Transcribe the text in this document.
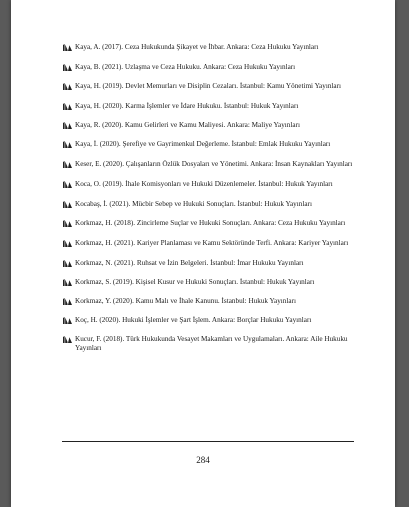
Kaya, A. (2017). Ceza Hukukunda Şikayet ve İhbar. Ankara: Ceza Hukuku Yayınları
Kaya, B. (2021). Uzlaşma ve Ceza Hukuku. Ankara: Ceza Hukuku Yayınları
Kaya, H. (2019). Devlet Memurları ve Disiplin Cezaları. İstanbul: Kamu Yönetimi Yayınları
Kaya, H. (2020). Karma İşlemler ve İdare Hukuku. İstanbul: Hukuk Yayınları
Kaya, R. (2020). Kamu Gelirleri ve Kamu Maliyesi. Ankara: Maliye Yayınları
Kaya, İ. (2020). Şerefiye ve Gayrimenkul Değerleme. İstanbul: Emlak Hukuku Yayınları
Keser, E. (2020). Çalışanların Özlük Dosyaları ve Yönetimi. Ankara: İnsan Kaynakları Yayınları
Koca, O. (2019). İhale Komisyonları ve Hukuki Düzenlemeler. İstanbul: Hukuk Yayınları
Kocabaş, İ. (2021). Mücbir Sebep ve Hukuki Sonuçları. İstanbul: Hukuk Yayınları
Korkmaz, H. (2018). Zincirleme Suçlar ve Hukuki Sonuçları. Ankara: Ceza Hukuku Yayınları
Korkmaz, H. (2021). Kariyer Planlaması ve Kamu Sektöründe Terfi. Ankara: Kariyer Yayınları
Korkmaz, N. (2021). Ruhsat ve İzin Belgeleri. İstanbul: İmar Hukuku Yayınları
Korkmaz, S. (2019). Kişisel Kusur ve Hukuki Sonuçları. İstanbul: Hukuk Yayınları
Korkmaz, Y. (2020). Kamu Malı ve İhale Kanunu. İstanbul: Hukuk Yayınları
Koç, H. (2020). Hukuki İşlemler ve Şart İşlem. Ankara: Borçlar Hukuku Yayınları
Kucur, F. (2018). Türk Hukukunda Vesayet Makamları ve Uygulamaları. Ankara: Aile Hukuku Yayınları
284
